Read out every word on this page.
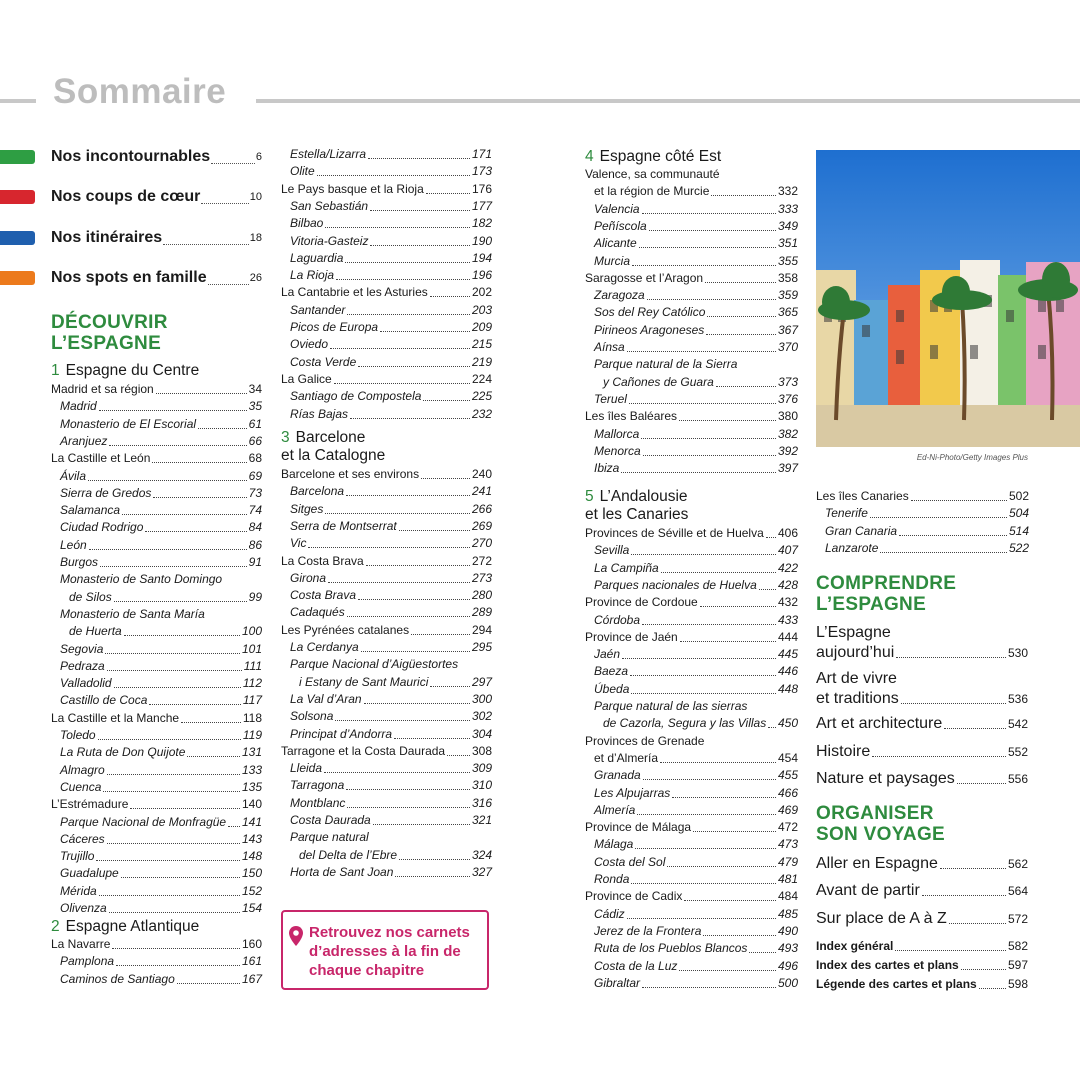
Sommaire
Nos incontournables	6
Nos coups de cœur	10
Nos itinéraires	18
Nos spots en famille	26
DÉCOUVRIR
L’ESPAGNE
1 Espagne du Centre
Madrid et sa région	34
Madrid	35
Monasterio de El Escorial	61
Aranjuez	66
La Castille et León	68
Ávila	69
Sierra de Gredos	73
Salamanca	74
Ciudad Rodrigo	84
León	86
Burgos	91
Monasterio de Santo Domingo
de Silos	99
Monasterio de Santa María
de Huerta	100
Segovia	101
Pedraza	111
Valladolid	112
Castillo de Coca	117
La Castille et la Manche	118
Toledo	119
La Ruta de Don Quijote	131
Almagro	133
Cuenca	135
L’Estrémadure	140
Parque Nacional de Monfragüe 141
Cáceres	143
Trujillo	148
Guadalupe	150
Mérida	152
Olivenza	154
2 Espagne Atlantique
La Navarre	160
Pamplona	161
Caminos de Santiago	167
Estella/Lizarra	171
Olite	173
Le Pays basque et la Rioja	176
San Sebastián	177
Bilbao	182
Vitoria-Gasteiz	190
Laguardia	194
La Rioja	196
La Cantabrie et les Asturies	202
Santander	203
Picos de Europa	209
Oviedo	215
Costa Verde	219
La Galice	224
Santiago de Compostela	225
Rías Bajas	232
3 Barcelone
et la Catalogne
Barcelone et ses environs	240
Barcelona	241
Sitges	266
Serra de Montserrat	269
Vic	270
La Costa Brava	272
Girona	273
Costa Brava	280
Cadaqués	289
Les Pyrénées catalanes	294
La Cerdanya	295
Parque Nacional d’Aigüestortes
i Estany de Sant Maurici	297
La Val d’Aran	300
Solsona	302
Principat d’Andorra	304
Tarragone et la Costa Daurada 308
Lleida	309
Tarragona	310
Montblanc	316
Costa Daurada	321
Parque natural
del Delta de l’Ebre	324
Horta de Sant Joan	327
4 Espagne côté Est
Valence, sa communauté
et la région de Murcie	332
Valencia	333
Peñíscola	349
Alicante	351
Murcia	355
Saragosse et l’Aragon	358
Zaragoza	359
Sos del Rey Católico	365
Pirineos Aragoneses	367
Aínsa	370
Parque natural de la Sierra
y Cañones de Guara	373
Teruel	376
Les îles Baléares	380
Mallorca	382
Menorca	392
Ibiza	397
5 L’Andalousie
et les Canaries
Provinces de Séville et de Huelva 406
Sevilla	407
La Campiña	422
Parques nacionales de Huelva 428
Province de Cordoue	432
Córdoba	433
Province de Jaén	444
Jaén	445
Baeza	446
Úbeda	448
Parque natural de las sierras
de Cazorla, Segura y las Villas 450
Provinces de Grenade
et d’Almería	454
Granada	455
Les Alpujarras	466
Almería	469
Province de Málaga	472
Málaga	473
Costa del Sol	479
Ronda	481
Province de Cadix	484
Cádiz	485
Jerez de la Frontera	490
Ruta de los Pueblos Blancos	493
Costa de la Luz	496
Gibraltar	500
Les îles Canaries	502
Tenerife	504
Gran Canaria	514
Lanzarote	522
L’Espagne
aujourd’hui	530
Art de vivre
et traditions	536
Art et architecture	542
Histoire	552
Nature et paysages	556
Aller en Espagne	562
Avant de partir	564
Sur place de A à Z	572
Index général	582
Index des cartes et plans	597
Légende des cartes et plans	598
Retrouvez nos carnets d’adresses à la fin de chaque chapitre
Ed-Ni-Photo/Getty Images Plus
COMPRENDRE
L’ESPAGNE
ORGANISER
SON VOYAGE
